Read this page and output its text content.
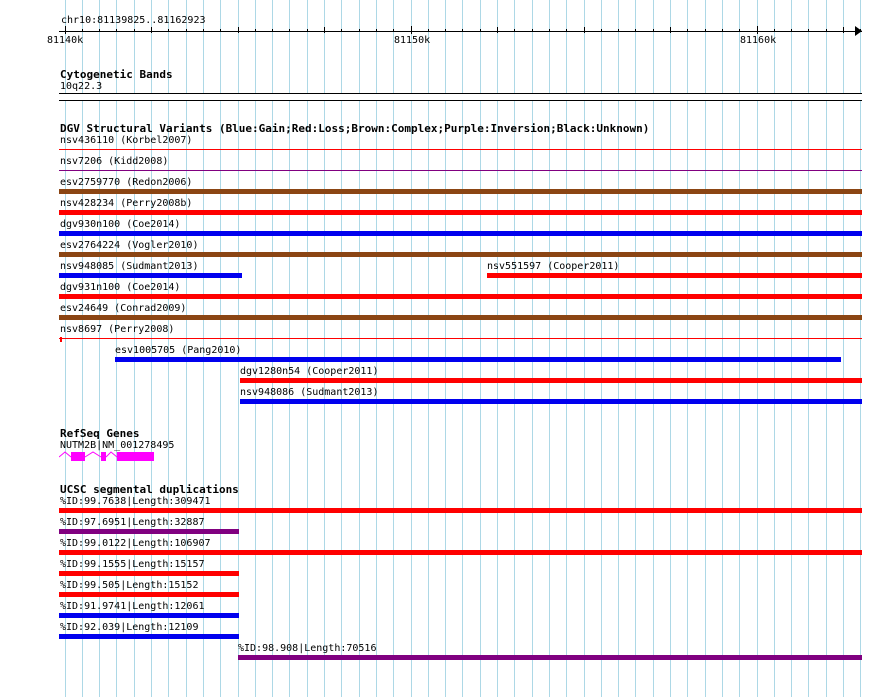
chr10:81139825..81162923
81140k	81150k	81160k
Cytogenetic Bands
10q22.3
DGV Structural Variants (Blue:Gain;Red:Loss;Brown:Complex;Purple:Inversion;Black:Unknown)
nsv436110 (Korbel2007)
nsv7206 (Kidd2008)
esv2759770 (Redon2006)
nsv428234 (Perry2008b)
dgv930n100 (Coe2014)
esv2764224 (Vogler2010)
nsv948085 (Sudmant2013)	nsv551597 (Cooper2011)
dgv931n100 (Coe2014)
esv24649 (Conrad2009)
nsv8697 (Perry2008)
esv1005705 (Pang2010)
dgv1280n54 (Cooper2011)
nsv948086 (Sudmant2013)
RefSeq Genes
NUTM2B|NM_001278495
UCSC segmental duplications
%ID:99.7638|Length:309471
%ID:97.6951|Length:32887
%ID:99.0122|Length:106907
%ID:99.1555|Length:15157
%ID:99.505|Length:15152
%ID:91.9741|Length:12061
%ID:92.039|Length:12109
%ID:98.908|Length:70516
